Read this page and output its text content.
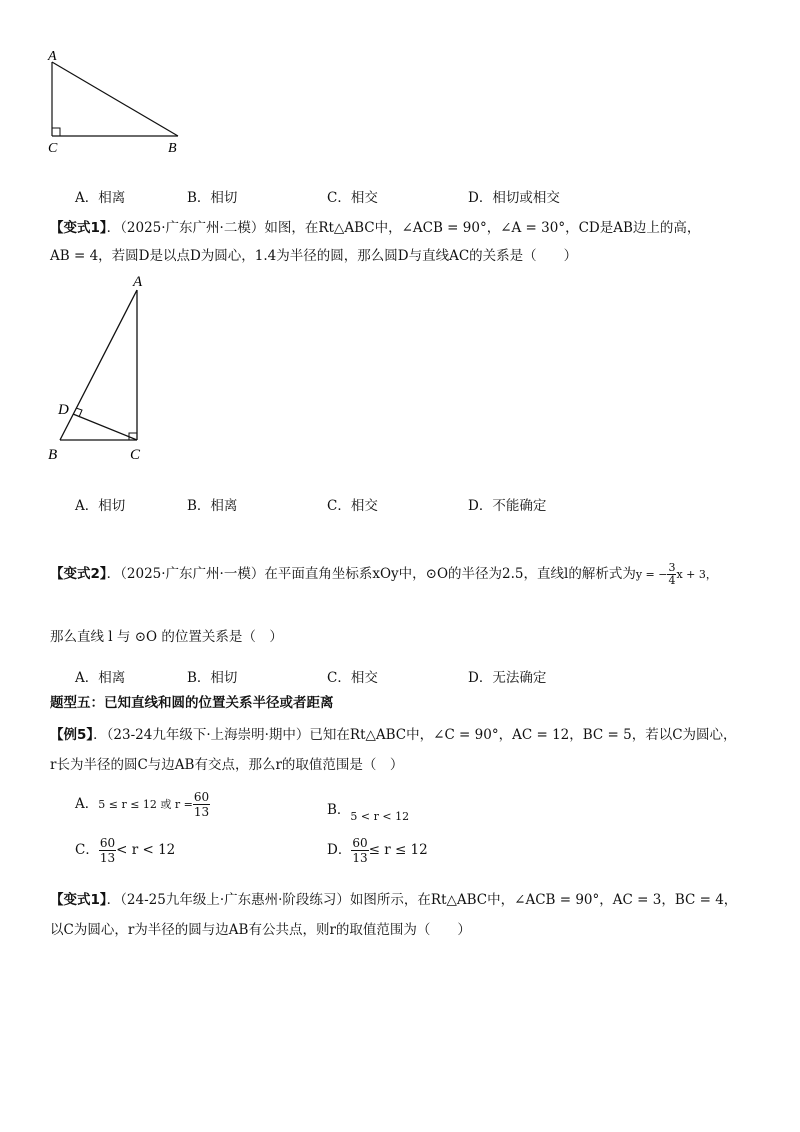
A
C	B
A．相离	B．相切	C．相交	D．相切或相交
【变式1】．（2025·广东广州·二模）如图，在Rt△ABC中，∠ACB = 90°，∠A = 30°，CD是AB边上的高，
AB = 4，若圆D是以点D为圆心，1.4为半径的圆，那么圆D与直线AC的关系是（　　）
A
D
B	C
A．相切	B．相离	C．相交	D．不能确定
【变式2】．（2025·广东广州·一模）在平面直角坐标系xOy中，⊙O的半径为2.5，直线l的解析式为y = − $\frac{3}{4}$ x + 3，
那么直线 l 与 ⊙O 的位置关系是（　）
A．相离	B．相切	C．相交	D．无法确定
题型五：已知直线和圆的位置关系半径或者距离
【例5】．（23-24九年级下·上海崇明·期中）已知在Rt△ABC中，∠C = 90°，AC = 12，BC = 5，若以C为圆心，
r长为半径的圆C与边AB有交点，那么r的取值范围是（　）
A．5 ≤ r ≤ 12 或 $r = \frac{60}{13}$	B．$_{5 < r < 12}$
C． $\frac{60}{13} < r < 12$	D． $\frac{60}{13} \le r \le 12$
【变式1】．（24-25九年级上·广东惠州·阶段练习）如图所示，在Rt△ABC中，∠ACB = 90°，AC = 3，BC = 4，
以C为圆心，r为半径的圆与边AB有公共点，则r的取值范围为（　　）
